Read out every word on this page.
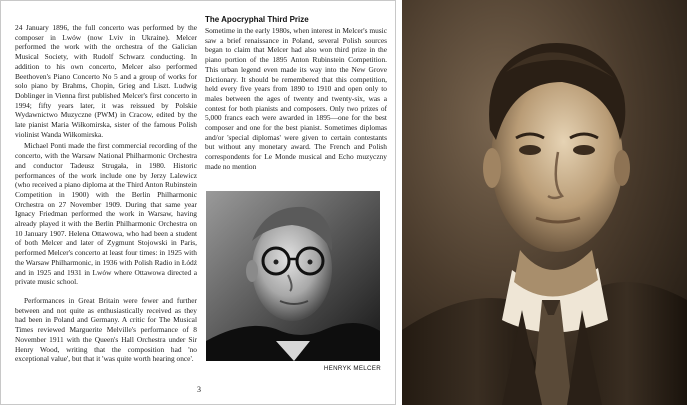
24 January 1896, the full concerto was performed by the composer in Lwów (now Lviv in Ukraine). Melcer performed the work with the orchestra of the Galician Musical Society, with Rudolf Schwarz conducting. In addition to his own concerto, Melcer also performed Beethoven's Piano Concerto No 5 and a group of works for solo piano by Brahms, Chopin, Grieg and Liszt. Ludwig Doblinger in Vienna first published Melcer's first concerto in 1994; fifty years later, it was reissued by Polskie Wydawnictwo Muzyczne (PWM) in Cracow, edited by the late pianist Maria Wiłkomirska, sister of the famous Polish violinist Wanda Wiłkomirska.

Michael Ponti made the first commercial recording of the concerto, with the Warsaw National Philharmonic Orchestra and conductor Tadeusz Strugała, in 1980. Historic performances of the work include one by Jerzy Lalewicz (who received a piano diploma at the Third Anton Rubinstein Competition in 1900) with the Berlin Philharmonic Orchestra on 27 November 1909. During that same year Ignacy Friedman performed the work in Warsaw, having already played it with the Berlin Philharmonic Orchestra on 10 January 1907. Helena Ottawowa, who had been a student of both Melcer and later of Zygmunt Stojowski in Paris, performed Melcer's concerto at least four times: in 1925 with the Warsaw Philharmonic, in 1936 with Polish Radio in Łódź and in 1925 and 1931 in Lwów where Ottawowa directed a private music school.

Performances in Great Britain were fewer and further between and not quite as enthusiastically received as they had been in Poland and Germany. A critic for The Musical Times reviewed Marguerite Melville's performance of 8 November 1911 with the Queen's Hall Orchestra under Sir Henry Wood, writing that the composition had 'no exceptional value', but that it 'was quite worth hearing once'.

The Apocryphal Third Prize

Sometime in the early 1980s, when interest in Melcer's music saw a brief renaissance in Poland, several Polish sources began to claim that Melcer had also won third prize in the piano portion of the 1895 Anton Rubinstein Competition. This urban legend even made its way into the New Grove Dictionary. It should be remembered that this competition, held every five years from 1890 to 1910 and open only to males between the ages of twenty and twenty-six, was a contest for both pianists and composers. Only two prizes of 5,000 francs each were awarded in 1895—one for the best composer and one for the best pianist. Sometimes diplomas and/or 'special diplomas' were given to certain contestants but without any monetary award. The French and Polish correspondents for Le Monde musical and Echo muzyczny made no mention

HENRYK MELCER
3
